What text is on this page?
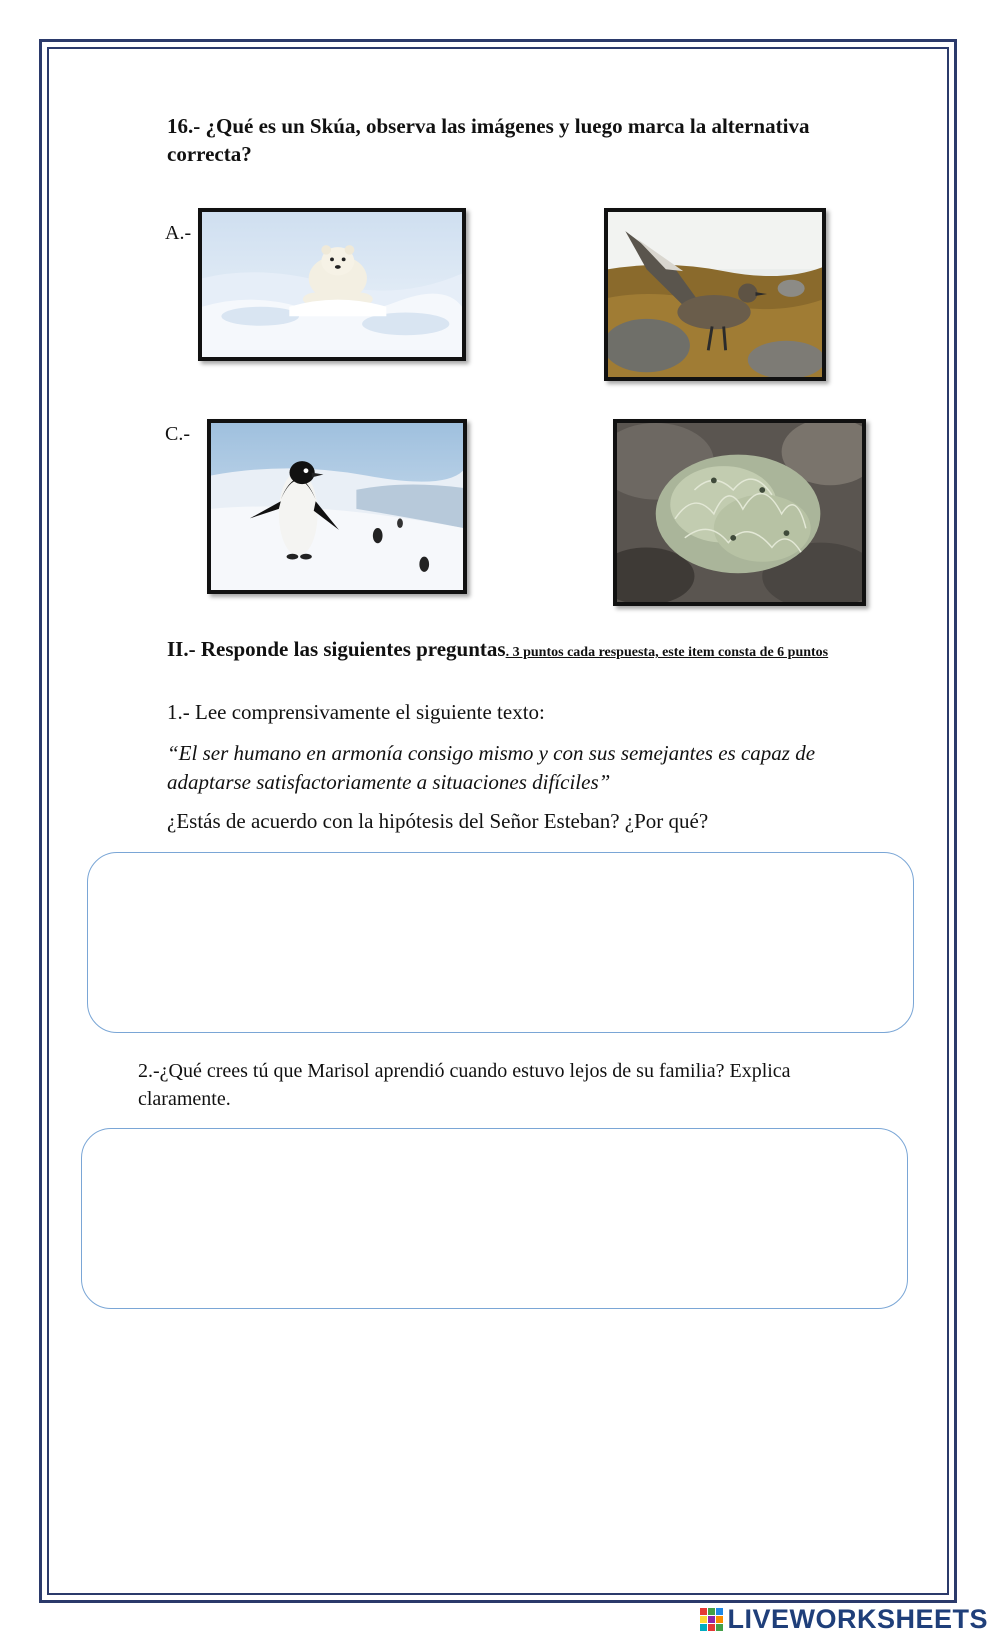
16.- ¿Qué es un Skúa, observa las imágenes y luego marca la alternativa correcta?
A.-
C.-
II.- Responde las siguientes preguntas. 3 puntos cada respuesta, este item consta de 6 puntos
1.- Lee comprensivamente el siguiente texto:
“El ser humano en armonía consigo mismo y con sus semejantes es capaz de adaptarse satisfactoriamente a situaciones difíciles”
¿Estás de acuerdo con la hipótesis del Señor Esteban? ¿Por qué?
2.-¿Qué crees tú que Marisol aprendió cuando estuvo lejos de su familia? Explica claramente.
LIVEWORKSHEETS
